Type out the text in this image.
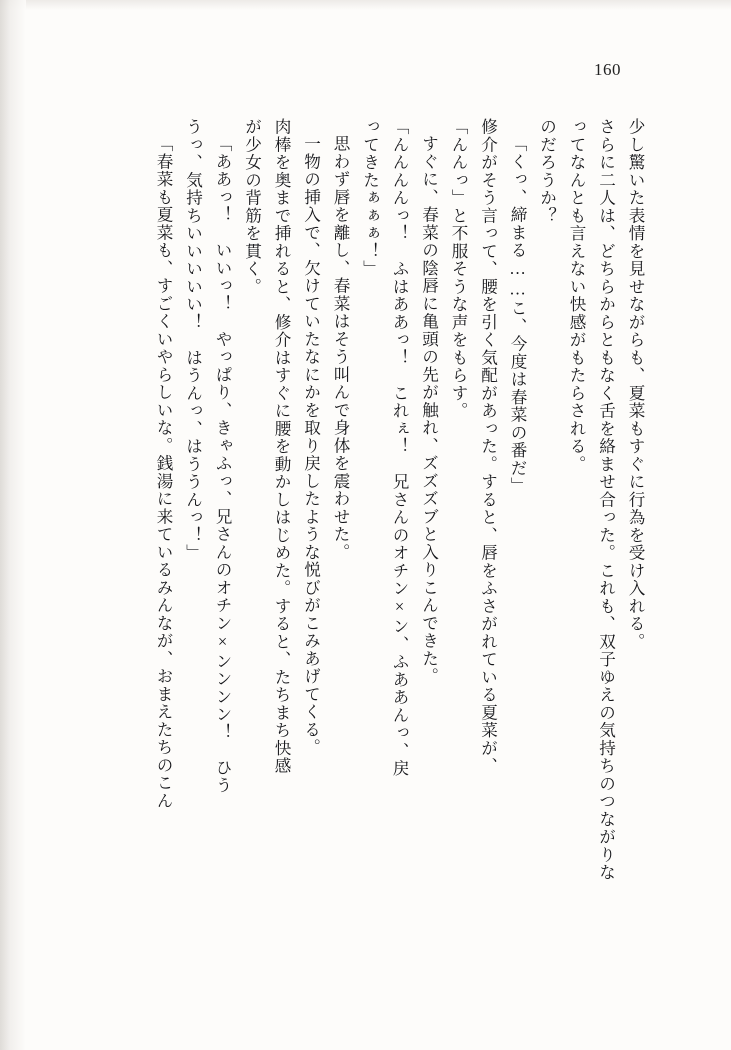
160
少し驚いた表情を見せながらも、夏菜もすぐに行為を受け入れる。
さらに二人は、どちらからともなく舌を絡ませ合った。これも、双子ゆえの気持ちのつながりな
ってなんとも言えない快感がもたらされる。
のだろうか？
「くっ、締まる……こ、今度は春菜の番だ」
修介がそう言って、腰を引く気配があった。すると、唇をふさがれている夏菜が、
「んんっ」と不服そうな声をもらす。
すぐに、春菜の陰唇に亀頭の先が触れ、ズズズブと入りこんできた。
「んんんんっ！　ふはああっ！　これぇ！　兄さんのオチン×ン、ふああんっ、戻
ってきたぁぁぁ！」
思わず唇を離し、春菜はそう叫んで身体を震わせた。
一物の挿入で、欠けていたなにかを取り戻したような悦びがこみあげてくる。
肉棒を奥まで挿れると、修介はすぐに腰を動かしはじめた。すると、たちまち快感
が少女の背筋を貫く。
「ああっ！　いいっ！　やっぱり、きゃふっ、兄さんのオチン×ンンンン！　ひう
うっ、気持ちいいいいい！　はうんっ、はううんっ！」
「春菜も夏菜も、すごくいやらしいな。銭湯に来ているみんなが、おまえたちのこん
